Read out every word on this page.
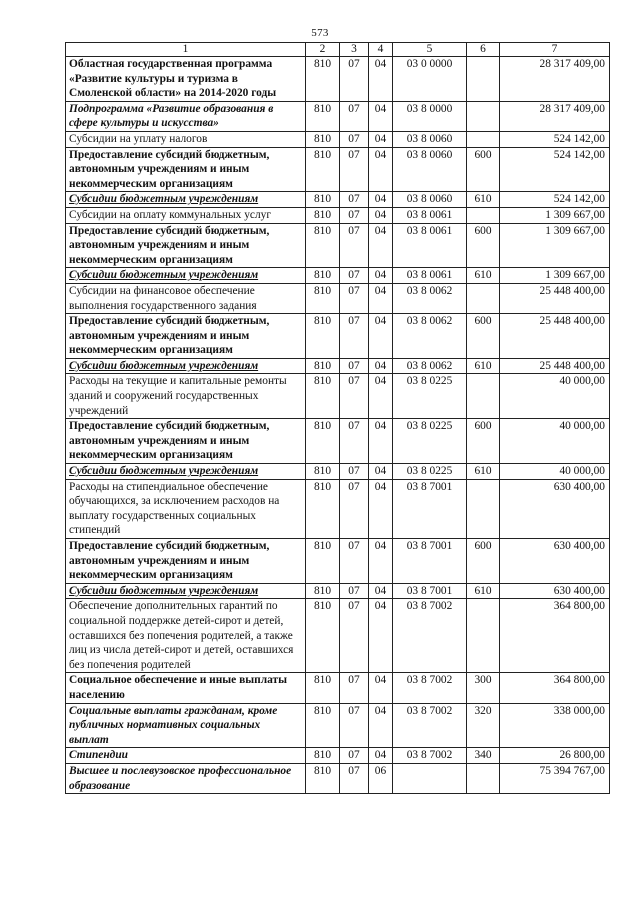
573
1	2	3	4	5	6	7

Областная государственная программа «Развитие культуры и туризма в Смоленской области» на 2014-2020 годы	810	07	04	03 0 0000		28 317 409,00

Подпрограмма «Развитие образования в сфере культуры и искусства»	810	07	04	03 8 0000		28 317 409,00

Субсидии на уплату налогов	810	07	04	03 8 0060		524 142,00

Предоставление субсидий бюджетным, автономным учреждениям и иным некоммерческим организациям	810	07	04	03 8 0060	600	524 142,00

Субсидии бюджетным учреждениям	810	07	04	03 8 0060	610	524 142,00

Субсидии на оплату коммунальных услуг	810	07	04	03 8 0061		1 309 667,00

Предоставление субсидий бюджетным, автономным учреждениям и иным некоммерческим организациям	810	07	04	03 8 0061	600	1 309 667,00

Субсидии бюджетным учреждениям	810	07	04	03 8 0061	610	1 309 667,00

Субсидии на финансовое обеспечение выполнения государственного задания	810	07	04	03 8 0062		25 448 400,00

Предоставление субсидий бюджетным, автономным учреждениям и иным некоммерческим организациям	810	07	04	03 8 0062	600	25 448 400,00

Субсидии бюджетным учреждениям	810	07	04	03 8 0062	610	25 448 400,00

Расходы на текущие и капитальные ремонты зданий и сооружений государственных учреждений	810	07	04	03 8 0225		40 000,00

Предоставление субсидий бюджетным, автономным учреждениям и иным некоммерческим организациям	810	07	04	03 8 0225	600	40 000,00

Субсидии бюджетным учреждениям	810	07	04	03 8 0225	610	40 000,00

Расходы на стипендиальное обеспечение обучающихся, за исключением расходов на выплату государственных социальных стипендий	810	07	04	03 8 7001		630 400,00

Предоставление субсидий бюджетным, автономным учреждениям и иным некоммерческим организациям	810	07	04	03 8 7001	600	630 400,00

Субсидии бюджетным учреждениям	810	07	04	03 8 7001	610	630 400,00

Обеспечение дополнительных гарантий по социальной поддержке детей-сирот и детей, оставшихся без попечения родителей, а также лиц из числа детей-сирот и детей, оставшихся без попечения родителей	810	07	04	03 8 7002		364 800,00

Социальное обеспечение и иные выплаты населению	810	07	04	03 8 7002	300	364 800,00

Социальные выплаты гражданам, кроме публичных нормативных социальных выплат	810	07	04	03 8 7002	320	338 000,00

Стипендии	810	07	04	03 8 7002	340	26 800,00

Высшее и послевузовское профессиональное образование	810	07	06			75 394 767,00
